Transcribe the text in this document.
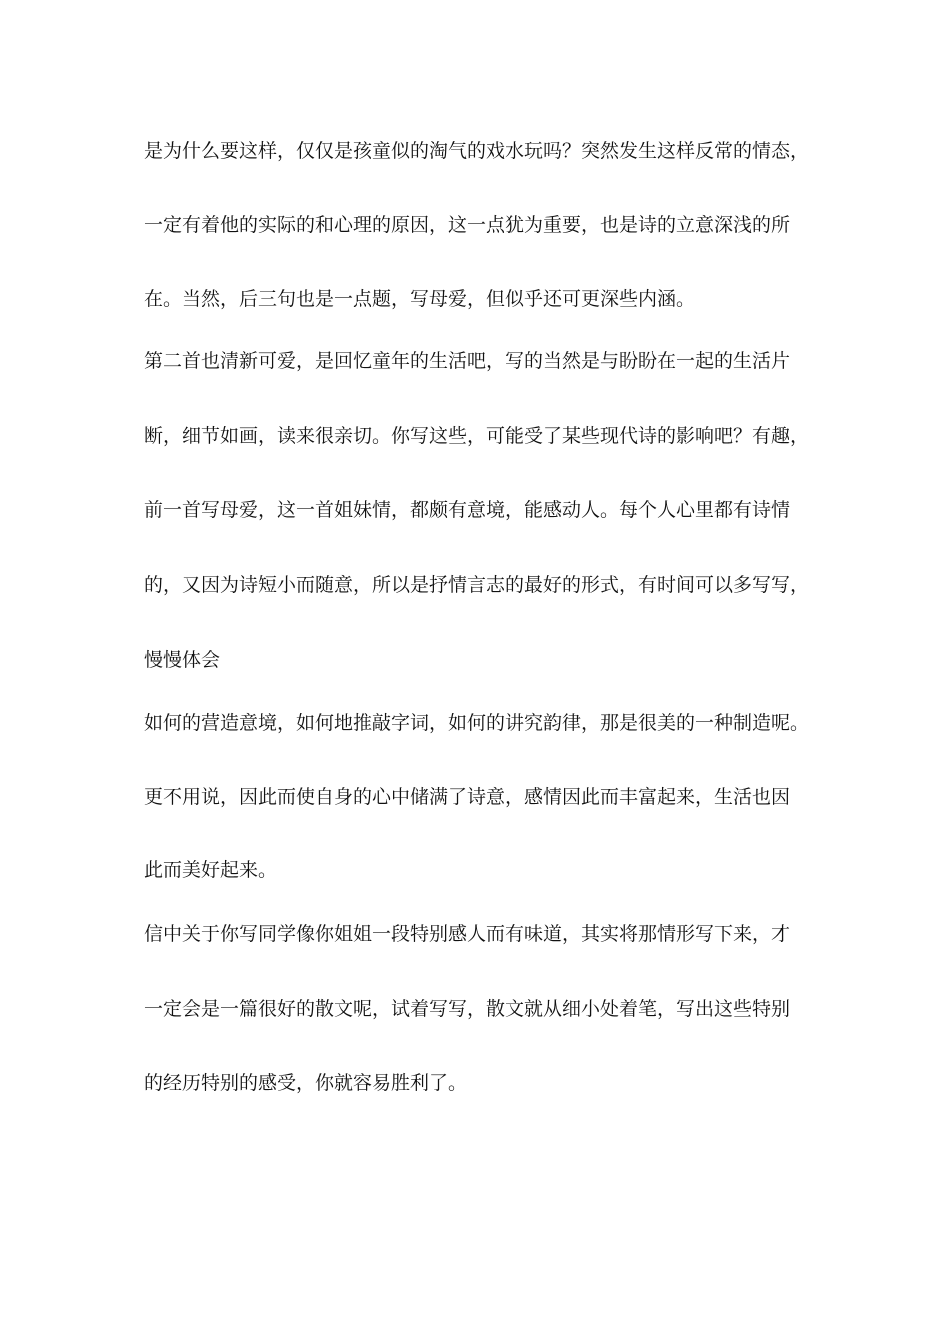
是为什么要这样，仅仅是孩童似的淘气的戏水玩吗？突然发生这样反常的情态，
一定有着他的实际的和心理的原因，这一点犹为重要，也是诗的立意深浅的所
在。当然，后三句也是一点题，写母爱，但似乎还可更深些内涵。
第二首也清新可爱，是回忆童年的生活吧，写的当然是与盼盼在一起的生活片
断，细节如画，读来很亲切。你写这些，可能受了某些现代诗的影响吧？有趣，
前一首写母爱，这一首姐妹情，都颇有意境，能感动人。每个人心里都有诗情
的，又因为诗短小而随意，所以是抒情言志的最好的形式，有时间可以多写写，
慢慢体会
如何的营造意境，如何地推敲字词，如何的讲究韵律，那是很美的一种制造呢。
更不用说，因此而使自身的心中储满了诗意，感情因此而丰富起来，生活也因
此而美好起来。
信中关于你写同学像你姐姐一段特别感人而有味道，其实将那情形写下来，才
一定会是一篇很好的散文呢，试着写写，散文就从细小处着笔，写出这些特别
的经历特别的感受，你就容易胜利了。
